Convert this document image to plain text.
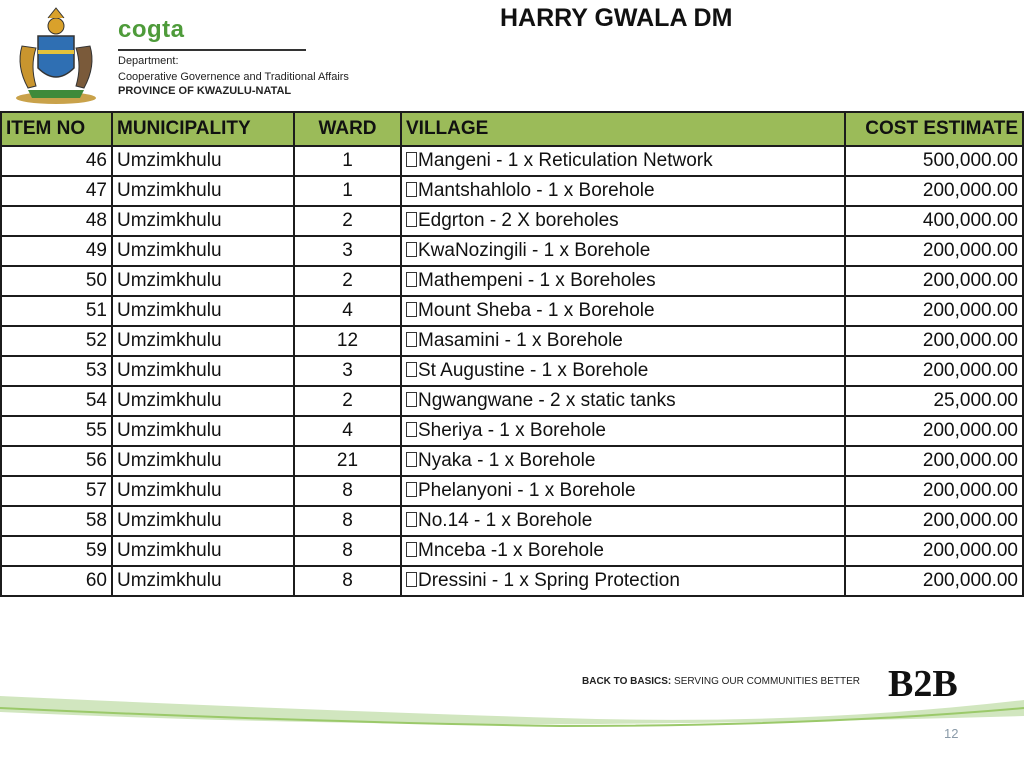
cogta
Department:
Cooperative Governence and Traditional Affairs
PROVINCE OF KWAZULU-NATAL
HARRY GWALA DM
ITEM NO	MUNICIPALITY	WARD	VILLAGE	COST ESTIMATE
46	Umzimkhulu	1	Mangeni - 1 x Reticulation Network	500,000.00
47	Umzimkhulu	1	Mantshahlolo - 1 x Borehole	200,000.00
48	Umzimkhulu	2	Edgrton - 2 X boreholes	400,000.00
49	Umzimkhulu	3	KwaNozingili - 1 x Borehole	200,000.00
50	Umzimkhulu	2	Mathempeni - 1 x Boreholes	200,000.00
51	Umzimkhulu	4	Mount Sheba - 1 x Borehole	200,000.00
52	Umzimkhulu	12	Masamini - 1 x Borehole	200,000.00
53	Umzimkhulu	3	St Augustine - 1 x Borehole	200,000.00
54	Umzimkhulu	2	Ngwangwane - 2 x static tanks	25,000.00
55	Umzimkhulu	4	Sheriya - 1 x Borehole	200,000.00
56	Umzimkhulu	21	Nyaka - 1 x Borehole	200,000.00
57	Umzimkhulu	8	Phelanyoni - 1 x Borehole	200,000.00
58	Umzimkhulu	8	No.14 - 1 x Borehole	200,000.00
59	Umzimkhulu	8	Mnceba -1 x Borehole	200,000.00
60	Umzimkhulu	8	Dressini - 1 x Spring Protection	200,000.00
BACK TO BASICS: SERVING OUR COMMUNITIES BETTER B2B
12
